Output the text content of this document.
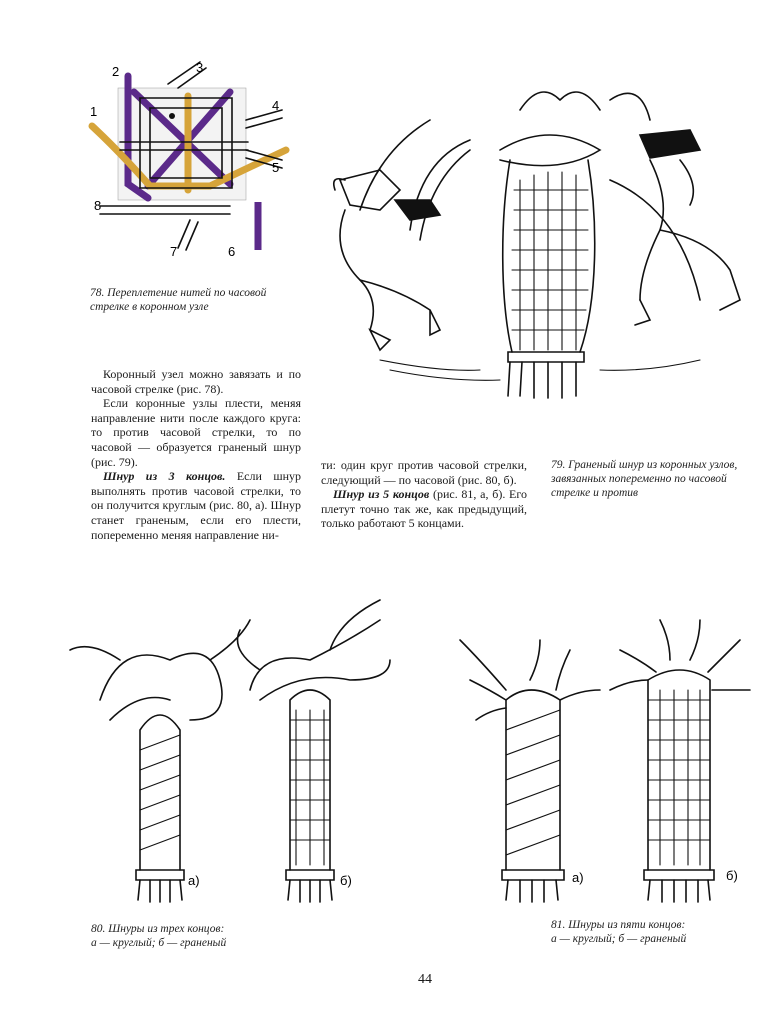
2	3
1	4
5
8
7	6
78. Переплетение нитей по часовой стрелке в коронном узле
79. Граненый шнур из коронных узлов, завязанных попеременно по часовой стрелке и против

Коронный узел можно завязать и по часовой стрелке (рис. 78).

Если коронные узлы плести, меняя направление нити после каждого круга: то против часовой стрелки, то по часовой — образуется граненый шнур (рис. 79).

Шнур из 3 концов. Если шнур выполнять против часовой стрелки, то он получится круглым (рис. 80, а). Шнур станет граненым, если его плести, попеременно меняя направление ни-

ти: один круг против часовой стрелки, следующий — по часовой (рис. 80, б).

Шнур из 5 концов (рис. 81, а, б). Его плетут точно так же, как предыдущий, только работают 5 концами.

а)	б)
80. Шнуры из трех концов:
а — круглый; б — граненый
а)	б)
81. Шнуры из пяти концов:
а — круглый; б — граненый
44
